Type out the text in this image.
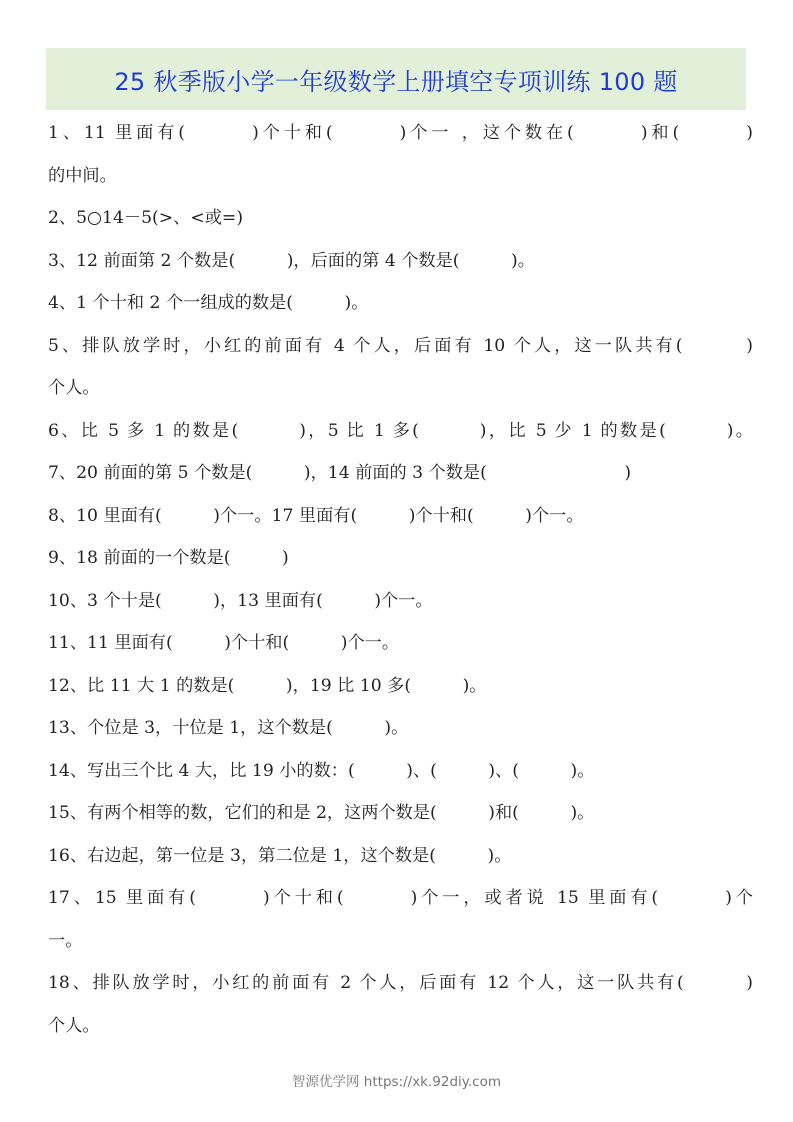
25 秋季版小学一年级数学上册填空专项训练 100 题
1、11 里面有(　　　)个十和(　　　)个一 ，这个数在(　　　)和(　　　)
的中间。
2、5○14－5(>、<或=)
3、12 前面第 2 个数是(　　　)，后面的第 4 个数是(　　　)。
4、1 个十和 2 个一组成的数是(　　　)。
5、排队放学时，小红的前面有 4 个人，后面有 10 个人，这一队共有(　　　)
个人。
6、比 5 多 1 的数是(　　　)，5 比 1 多(　　　)，比 5 少 1 的数是(　　　)。
7、20 前面的第 5 个数是(　　　)，14 前面的 3 个数是(　　　　　　　　)
8、10 里面有(　　　)个一。17 里面有(　　　)个十和(　　　)个一。
9、18 前面的一个数是(　　　)
10、3 个十是(　　　)，13 里面有(　　　)个一。
11、11 里面有(　　　)个十和(　　　)个一。
12、比 11 大 1 的数是(　　　)，19 比 10 多(　　　)。
13、个位是 3，十位是 1，这个数是(　　　)。
14、写出三个比 4 大，比 19 小的数：(　　　)、(　　　)、(　　　)。
15、有两个相等的数，它们的和是 2，这两个数是(　　　)和(　　　)。
16、右边起，第一位是 3，第二位是 1，这个数是(　　　)。
17、15 里面有(　　　)个十和(　　　)个一，或者说 15 里面有(　　　)个
一。
18、排队放学时，小红的前面有 2 个人，后面有 12 个人，这一队共有(　　　)
个人。
智源优学网 https://xk.92diy.com
